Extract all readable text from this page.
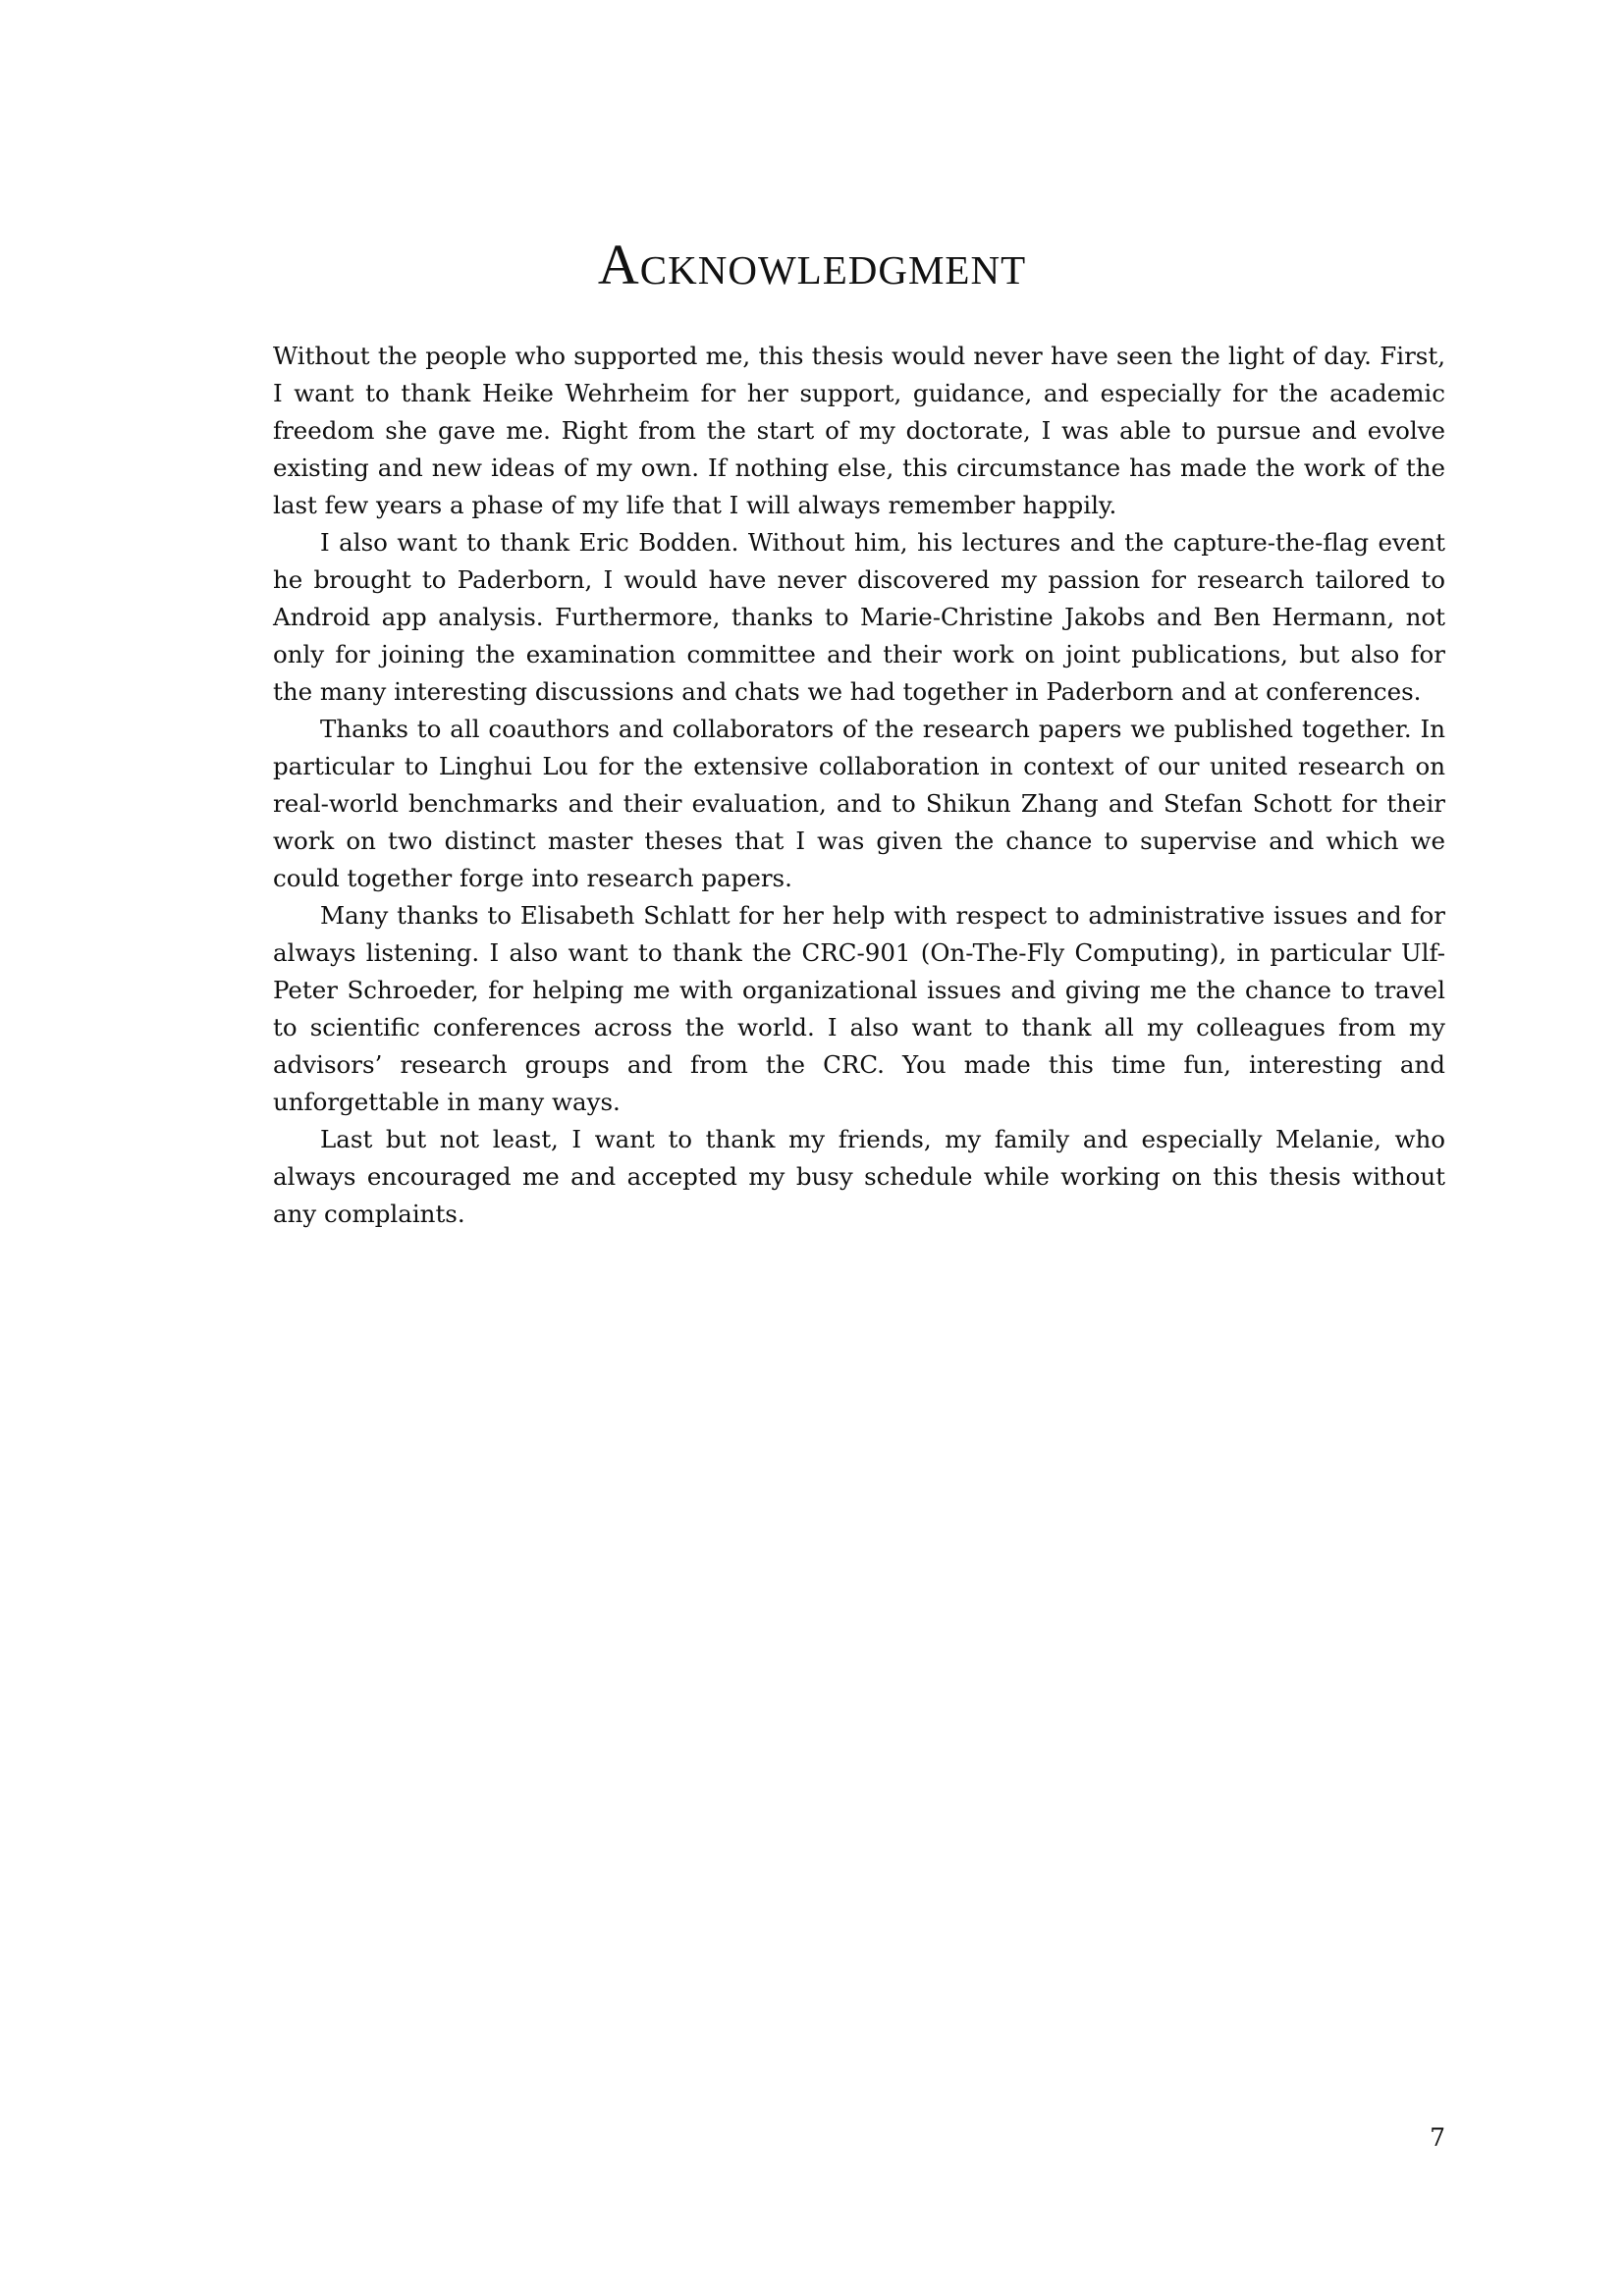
Acknowledgment

Without the people who supported me, this thesis would never have seen the light of day. First, I want to thank Heike Wehrheim for her support, guidance, and especially for the academic freedom she gave me. Right from the start of my doctorate, I was able to pursue and evolve existing and new ideas of my own. If nothing else, this circumstance has made the work of the last few years a phase of my life that I will always remember happily.

I also want to thank Eric Bodden. Without him, his lectures and the capture-the-flag event he brought to Paderborn, I would have never discovered my passion for research tailored to Android app analysis. Furthermore, thanks to Marie-Christine Jakobs and Ben Hermann, not only for joining the examination committee and their work on joint publications, but also for the many interesting discussions and chats we had together in Paderborn and at conferences.

Thanks to all coauthors and collaborators of the research papers we published together. In particular to Linghui Lou for the extensive collaboration in context of our united research on real-world benchmarks and their evaluation, and to Shikun Zhang and Stefan Schott for their work on two distinct master theses that I was given the chance to supervise and which we could together forge into research papers.

Many thanks to Elisabeth Schlatt for her help with respect to administrative issues and for always listening. I also want to thank the CRC-901 (On-The-Fly Computing), in particular Ulf-Peter Schroeder, for helping me with organizational issues and giving me the chance to travel to scientific conferences across the world. I also want to thank all my colleagues from my advisors’ research groups and from the CRC. You made this time fun, interesting and unforgettable in many ways.

Last but not least, I want to thank my friends, my family and especially Melanie, who always encouraged me and accepted my busy schedule while working on this thesis without any complaints.

7
